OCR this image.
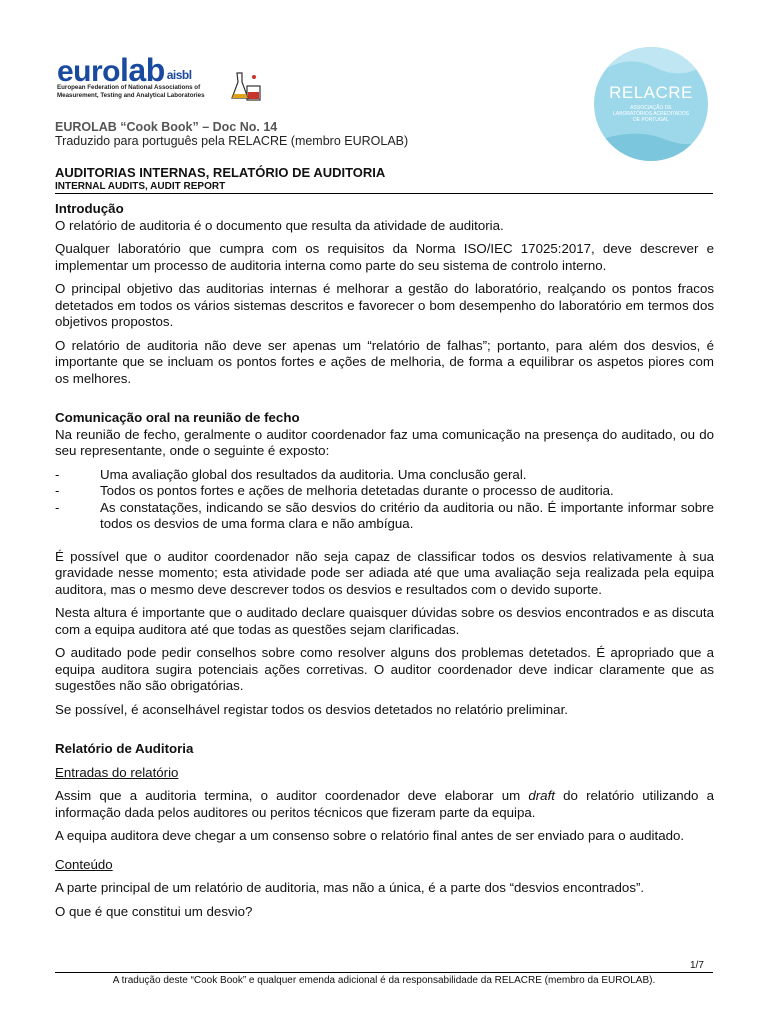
eurolab aisbl
European Federation of National Associations of Measurement, Testing and Analytical Laboratories	RELACRE
ASSOCIAÇÃO DE LABORATÓRIOS ACREDITADOS DE PORTUGAL
EUROLAB “Cook Book” – Doc No. 14
Traduzido para português pela RELACRE (membro EUROLAB)
AUDITORIAS INTERNAS, RELATÓRIO DE AUDITORIA
INTERNAL AUDITS, AUDIT REPORT
Introdução

O relatório de auditoria é o documento que resulta da atividade de auditoria.

Qualquer laboratório que cumpra com os requisitos da Norma ISO/IEC 17025:2017, deve descrever e implementar um processo de auditoria interna como parte do seu sistema de controlo interno.

O principal objetivo das auditorias internas é melhorar a gestão do laboratório, realçando os pontos fracos detetados em todos os vários sistemas descritos e favorecer o bom desempenho do laboratório em termos dos objetivos propostos.

O relatório de auditoria não deve ser apenas um “relatório de falhas”; portanto, para além dos desvios, é importante que se incluam os pontos fortes e ações de melhoria, de forma a equilibrar os aspetos piores com os melhores.

Comunicação oral na reunião de fecho

Na reunião de fecho, geralmente o auditor coordenador faz uma comunicação na presença do auditado, ou do seu representante, onde o seguinte é exposto:

- Uma avaliação global dos resultados da auditoria. Uma conclusão geral.
- Todos os pontos fortes e ações de melhoria detetadas durante o processo de auditoria.
- As constatações, indicando se são desvios do critério da auditoria ou não. É importante informar sobre todos os desvios de uma forma clara e não ambígua.

É possível que o auditor coordenador não seja capaz de classificar todos os desvios relativamente à sua gravidade nesse momento; esta atividade pode ser adiada até que uma avaliação seja realizada pela equipa auditora, mas o mesmo deve descrever todos os desvios e resultados com o devido suporte.

Nesta altura é importante que o auditado declare quaisquer dúvidas sobre os desvios encontrados e as discuta com a equipa auditora até que todas as questões sejam clarificadas.

O auditado pode pedir conselhos sobre como resolver alguns dos problemas detetados. É apropriado que a equipa auditora sugira potenciais ações corretivas. O auditor coordenador deve indicar claramente que as sugestões não são obrigatórias.

Se possível, é aconselhável registar todos os desvios detetados no relatório preliminar.

Relatório de Auditoria
Entradas do relatório

Assim que a auditoria termina, o auditor coordenador deve elaborar um draft do relatório utilizando a informação dada pelos auditores ou peritos técnicos que fizeram parte da equipa.

A equipa auditora deve chegar a um consenso sobre o relatório final antes de ser enviado para o auditado.

Conteúdo

A parte principal de um relatório de auditoria, mas não a única, é a parte dos “desvios encontrados”.

O que é que constitui um desvio?

1/7
A tradução deste “Cook Book” e qualquer emenda adicional é da responsabilidade da RELACRE (membro da EUROLAB).
